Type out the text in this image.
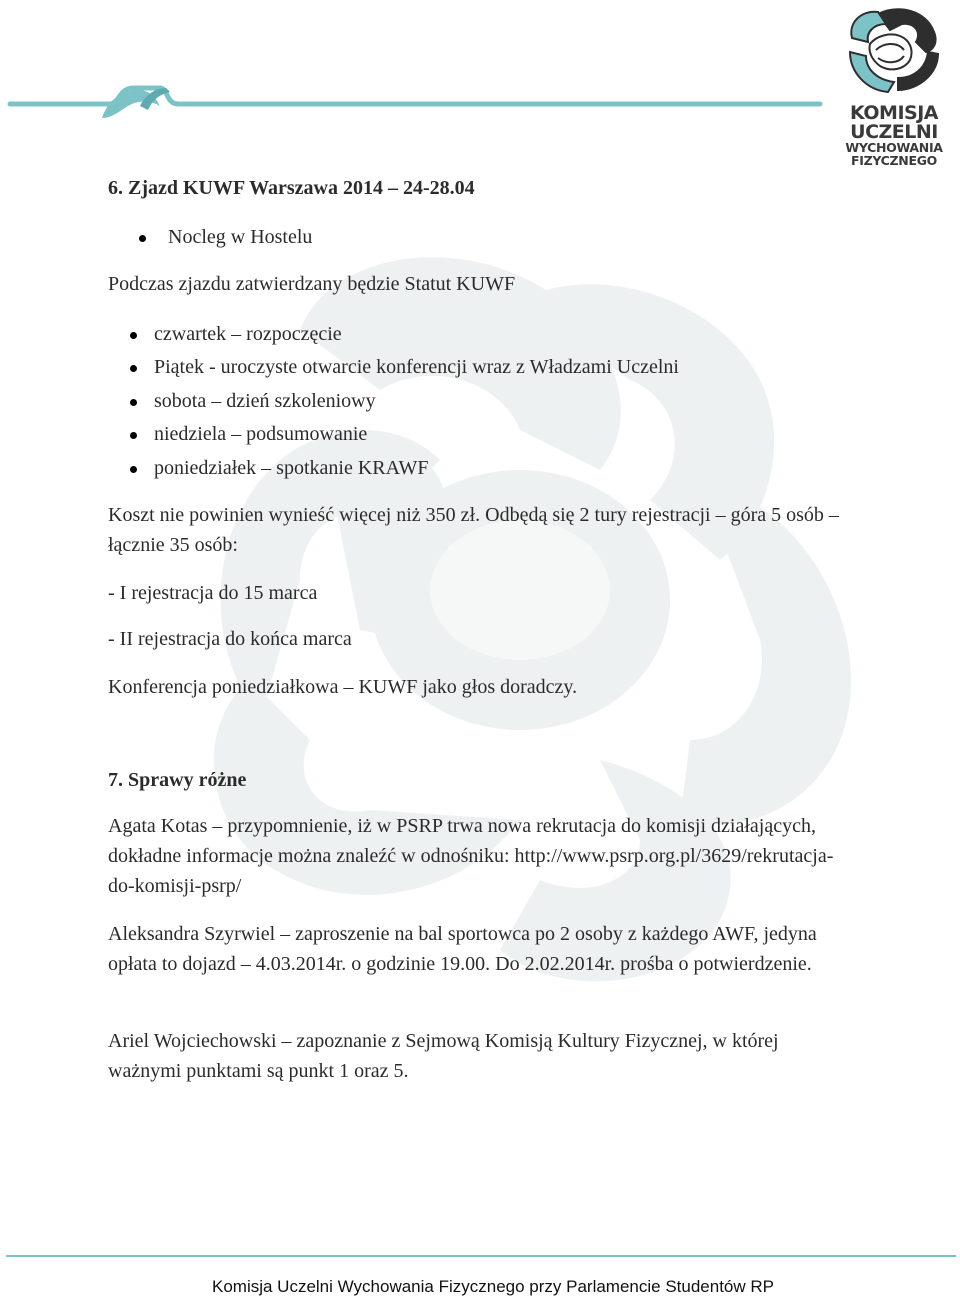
KOMISJA
UCZELNI
WYCHOWANIA
FIZYCZNEGO
6. Zjazd KUWF Warszawa 2014 – 24-28.04
Nocleg w Hostelu

Podczas zjazdu zatwierdzany będzie Statut KUWF

czwartek – rozpoczęcie
Piątek - uroczyste otwarcie konferencji wraz z Władzami Uczelni
sobota – dzień szkoleniowy
niedziela – podsumowanie
poniedziałek – spotkanie KRAWF

Koszt nie powinien wynieść więcej niż 350 zł. Odbędą się 2 tury rejestracji – góra 5 osób – łącznie 35 osób:

- I rejestracja do 15 marca

- II rejestracja do końca marca

Konferencja poniedziałkowa – KUWF jako głos doradczy.

7. Sprawy różne

Agata Kotas – przypomnienie, iż w PSRP trwa nowa rekrutacja do komisji działających, dokładne informacje można znaleźć w odnośniku: http://www.psrp.org.pl/3629/rekrutacja-do-komisji-psrp/

Aleksandra Szyrwiel – zaproszenie na bal sportowca po 2 osoby z każdego AWF, jedyna opłata to dojazd – 4.03.2014r. o godzinie 19.00. Do 2.02.2014r. prośba o potwierdzenie.

Ariel Wojciechowski – zapoznanie z Sejmową Komisją Kultury Fizycznej, w której ważnymi punktami są punkt 1 oraz 5.

Komisja Uczelni Wychowania Fizycznego przy Parlamencie Studentów RP
